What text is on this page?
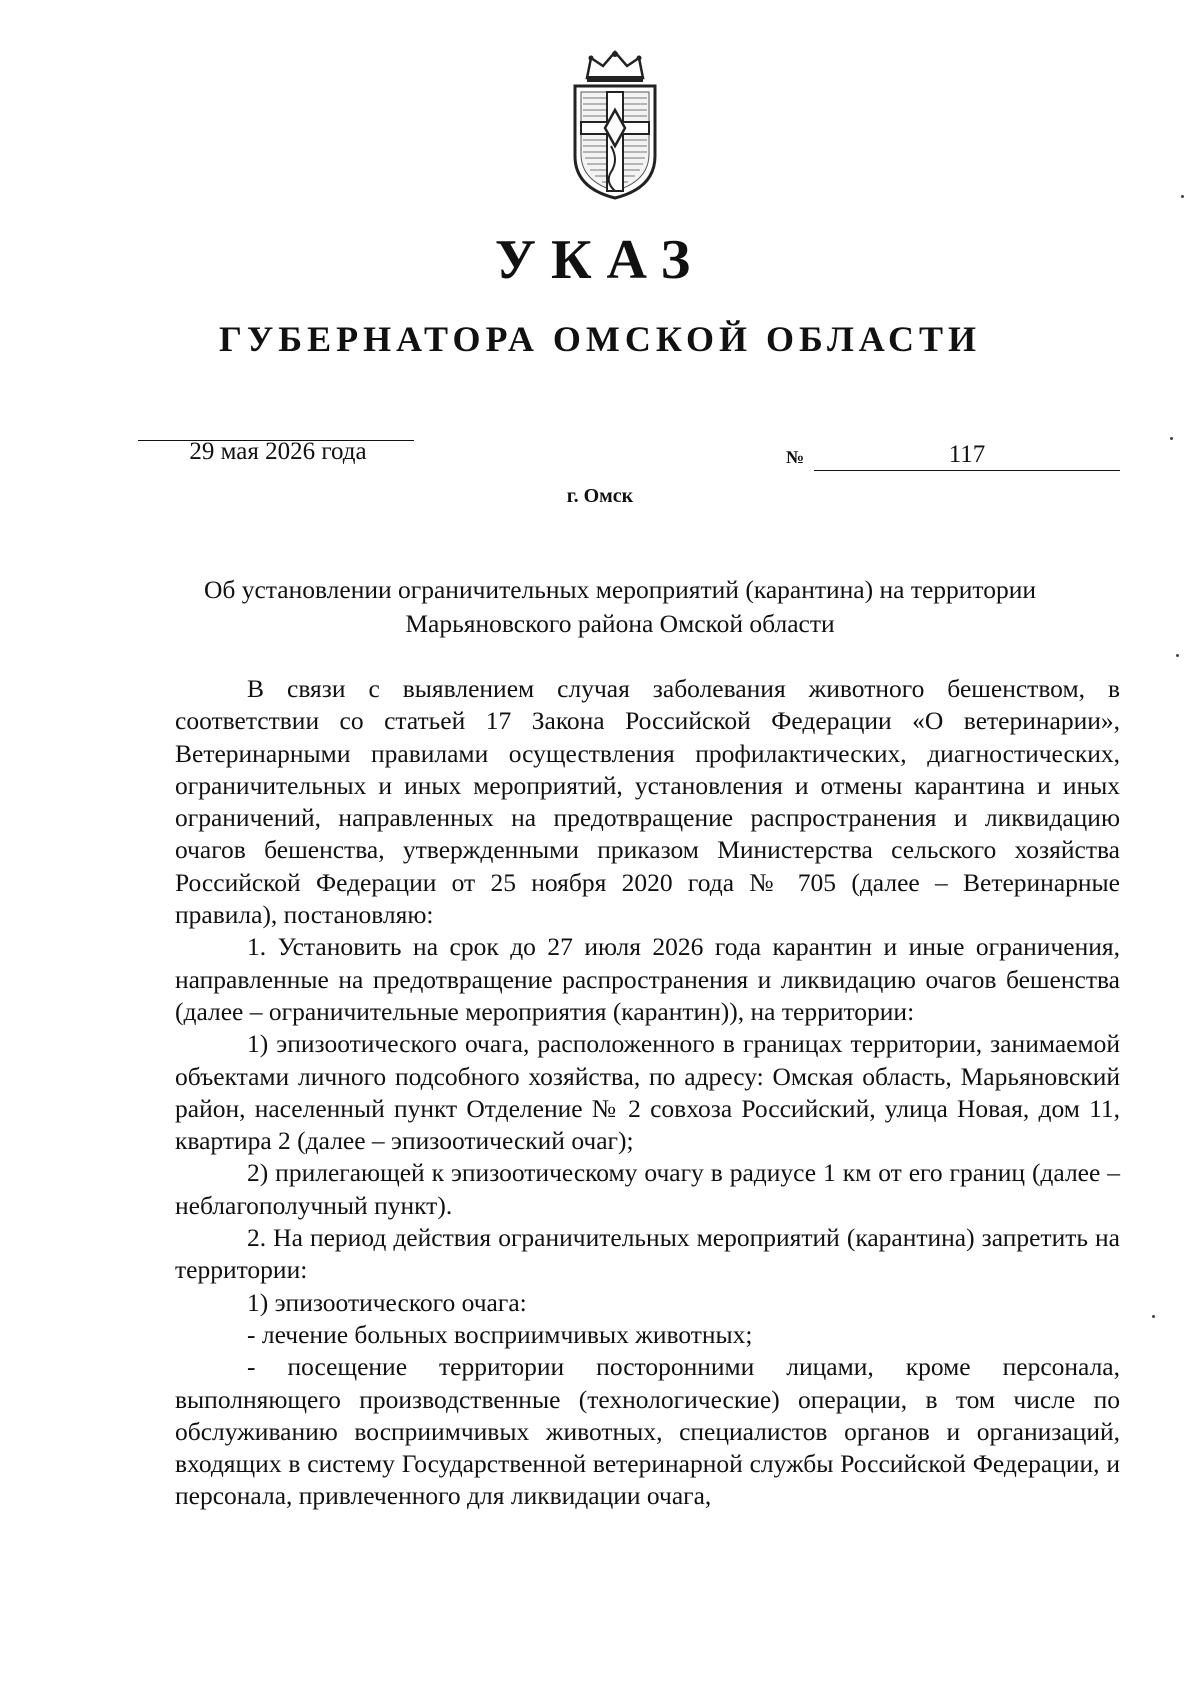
УКАЗ
ГУБЕРНАТОРА ОМСКОЙ ОБЛАСТИ
29 мая 2026 года	№	117
г. Омск
Об установлении ограничительных мероприятий (карантина) на территории Марьяновского района Омской области

В связи с выявлением случая заболевания животного бешенством, в соответствии со статьей 17 Закона Российской Федерации «О ветеринарии», Ветеринарными правилами осуществления профилактических, диагностических, ограничительных и иных мероприятий, установления и отмены карантина и иных ограничений, направленных на предотвращение распространения и ликвидацию очагов бешенства, утвержденными приказом Министерства сельского хозяйства Российской Федерации от 25 ноября 2020 года № 705 (далее – Ветеринарные правила), постановляю:

1. Установить на срок до 27 июля 2026 года карантин и иные ограничения, направленные на предотвращение распространения и ликвидацию очагов бешенства (далее – ограничительные мероприятия (карантин)), на территории:

1) эпизоотического очага, расположенного в границах территории, занимаемой объектами личного подсобного хозяйства, по адресу: Омская область, Марьяновский район, населенный пункт Отделение № 2 совхоза Российский, улица Новая, дом 11, квартира 2 (далее – эпизоотический очаг);

2) прилегающей к эпизоотическому очагу в радиусе 1 км от его границ (далее – неблагополучный пункт).

2. На период действия ограничительных мероприятий (карантина) запретить на территории:

1) эпизоотического очага:

- лечение больных восприимчивых животных;

- посещение территории посторонними лицами, кроме персонала, выполняющего производственные (технологические) операции, в том числе по обслуживанию восприимчивых животных, специалистов органов и организаций, входящих в систему Государственной ветеринарной службы Российской Федерации, и персонала, привлеченного для ликвидации очага,
